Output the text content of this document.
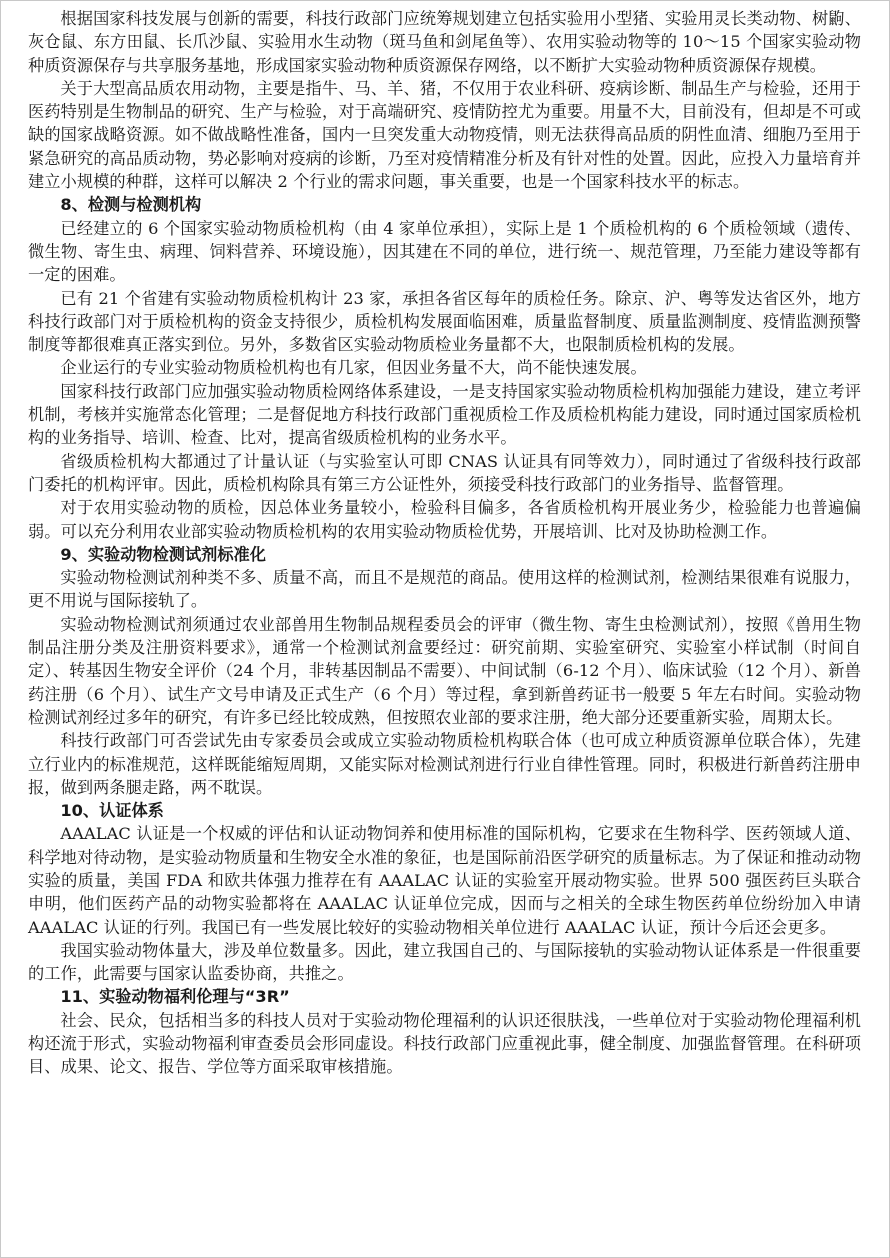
根据国家科技发展与创新的需要，科技行政部门应统筹规划建立包括实验用小型猪、实验用灵长类动物、树鼩、灰仓鼠、东方田鼠、长爪沙鼠、实验用水生动物（斑马鱼和剑尾鱼等）、农用实验动物等的 10～15 个国家实验动物种质资源保存与共享服务基地，形成国家实验动物种质资源保存网络，以不断扩大实验动物种质资源保存规模。

关于大型高品质农用动物，主要是指牛、马、羊、猪，不仅用于农业科研、疫病诊断、制品生产与检验，还用于医药特别是生物制品的研究、生产与检验，对于高端研究、疫情防控尤为重要。用量不大，目前没有，但却是不可或缺的国家战略资源。如不做战略性准备，国内一旦突发重大动物疫情，则无法获得高品质的阴性血清、细胞乃至用于紧急研究的高品质动物，势必影响对疫病的诊断，乃至对疫情精准分析及有针对性的处置。因此，应投入力量培育并建立小规模的种群，这样可以解决 2 个行业的需求问题，事关重要，也是一个国家科技水平的标志。

8、检测与检测机构

已经建立的 6 个国家实验动物质检机构（由 4 家单位承担），实际上是 1 个质检机构的 6 个质检领域（遗传、微生物、寄生虫、病理、饲料营养、环境设施），因其建在不同的单位，进行统一、规范管理，乃至能力建设等都有一定的困难。

已有 21 个省建有实验动物质检机构计 23 家，承担各省区每年的质检任务。除京、沪、粤等发达省区外，地方科技行政部门对于质检机构的资金支持很少，质检机构发展面临困难，质量监督制度、质量监测制度、疫情监测预警制度等都很难真正落实到位。另外，多数省区实验动物质检业务量都不大，也限制质检机构的发展。

企业运行的专业实验动物质检机构也有几家，但因业务量不大，尚不能快速发展。

国家科技行政部门应加强实验动物质检网络体系建设，一是支持国家实验动物质检机构加强能力建设，建立考评机制，考核并实施常态化管理；二是督促地方科技行政部门重视质检工作及质检机构能力建设，同时通过国家质检机构的业务指导、培训、检查、比对，提高省级质检机构的业务水平。

省级质检机构大都通过了计量认证（与实验室认可即 CNAS 认证具有同等效力），同时通过了省级科技行政部门委托的机构评审。因此，质检机构除具有第三方公证性外，须接受科技行政部门的业务指导、监督管理。

对于农用实验动物的质检，因总体业务量较小，检验科目偏多，各省质检机构开展业务少，检验能力也普遍偏弱。可以充分利用农业部实验动物质检机构的农用实验动物质检优势，开展培训、比对及协助检测工作。

9、实验动物检测试剂标准化

实验动物检测试剂种类不多、质量不高，而且不是规范的商品。使用这样的检测试剂，检测结果很难有说服力，更不用说与国际接轨了。

实验动物检测试剂须通过农业部兽用生物制品规程委员会的评审（微生物、寄生虫检测试剂），按照《兽用生物制品注册分类及注册资料要求》，通常一个检测试剂盒要经过：研究前期、实验室研究、实验室小样试制（时间自定）、转基因生物安全评价（24 个月，非转基因制品不需要）、中间试制（6-12 个月）、临床试验（12 个月）、新兽药注册（6 个月）、试生产文号申请及正式生产（6 个月）等过程，拿到新兽药证书一般要 5 年左右时间。实验动物检测试剂经过多年的研究，有许多已经比较成熟，但按照农业部的要求注册，绝大部分还要重新实验，周期太长。

科技行政部门可否尝试先由专家委员会或成立实验动物质检机构联合体（也可成立种质资源单位联合体），先建立行业内的标准规范，这样既能缩短周期，又能实际对检测试剂进行行业自律性管理。同时，积极进行新兽药注册申报，做到两条腿走路，两不耽误。

10、认证体系

AAALAC 认证是一个权威的评估和认证动物饲养和使用标准的国际机构，它要求在生物科学、医药领域人道、科学地对待动物，是实验动物质量和生物安全水准的象征，也是国际前沿医学研究的质量标志。为了保证和推动动物实验的质量，美国 FDA 和欧共体强力推荐在有 AAALAC 认证的实验室开展动物实验。世界 500 强医药巨头联合申明，他们医药产品的动物实验都将在 AAALAC 认证单位完成，因而与之相关的全球生物医药单位纷纷加入申请 AAALAC 认证的行列。我国已有一些发展比较好的实验动物相关单位进行 AAALAC 认证，预计今后还会更多。

我国实验动物体量大，涉及单位数量多。因此，建立我国自己的、与国际接轨的实验动物认证体系是一件很重要的工作，此需要与国家认监委协商，共推之。

11、实验动物福利伦理与“3R”

社会、民众，包括相当多的科技人员对于实验动物伦理福利的认识还很肤浅，一些单位对于实验动物伦理福利机构还流于形式，实验动物福利审查委员会形同虚设。科技行政部门应重视此事，健全制度、加强监督管理。在科研项目、成果、论文、报告、学位等方面采取审核措施。
